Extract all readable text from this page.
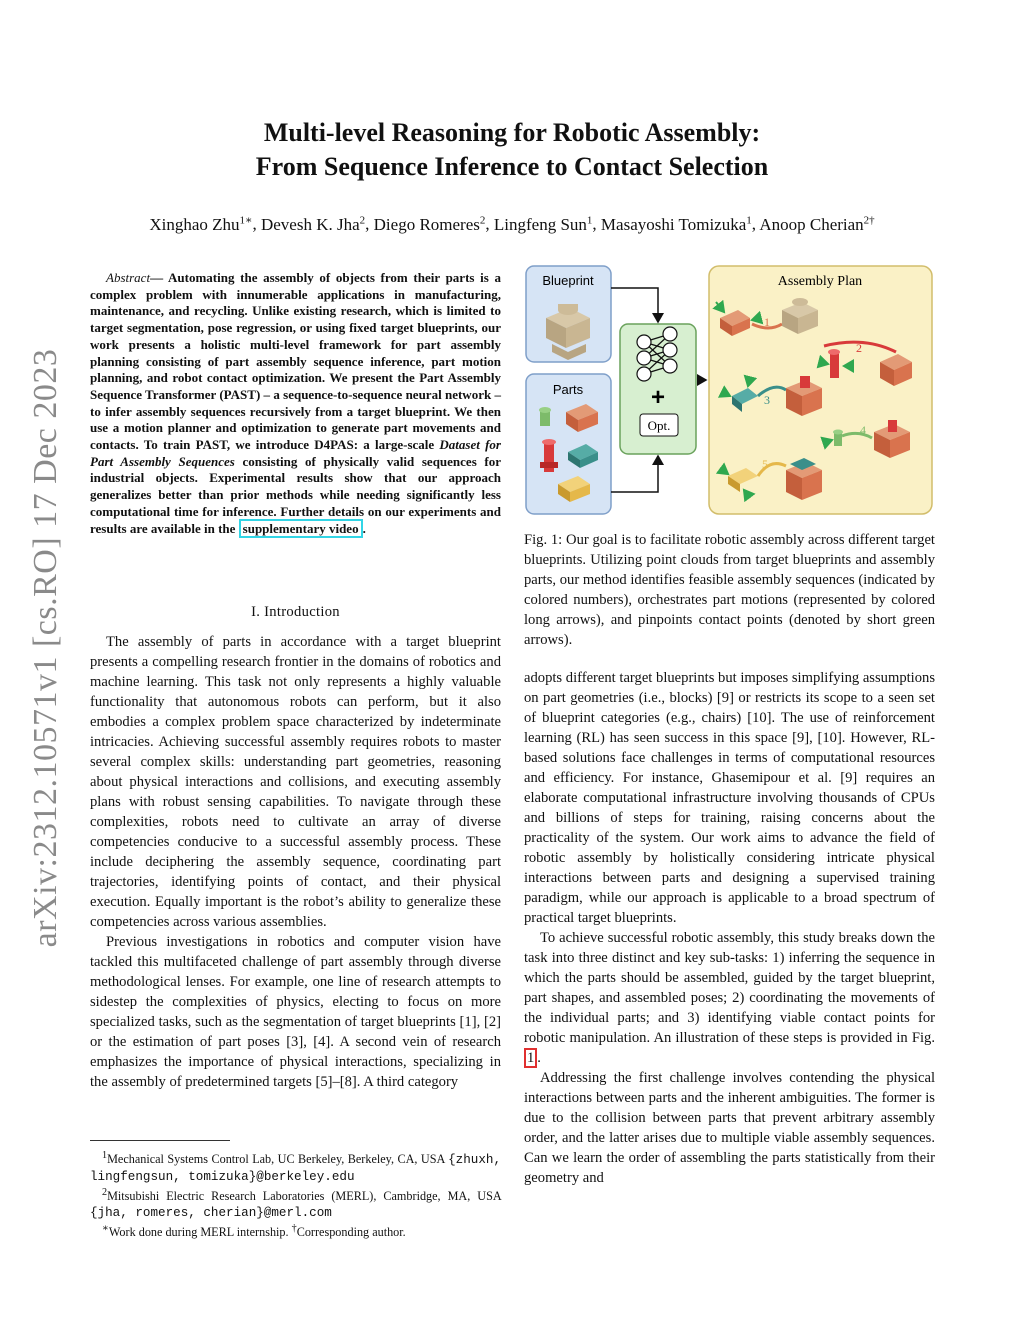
arXiv:2312.10571v1 [cs.RO] 17 Dec 2023
Multi-level Reasoning for Robotic Assembly:
From Sequence Inference to Contact Selection
Xinghao Zhu$^{1∗}$, Devesh K. Jha$^2$, Diego Romeres$^2$, Lingfeng Sun$^1$, Masayoshi Tomizuka$^1$, Anoop Cherian$^{2\dagger}$
Abstract— Automating the assembly of objects from their parts is a complex problem with innumerable applications in manufacturing, maintenance, and recycling. Unlike existing research, which is limited to target segmentation, pose regression, or using fixed target blueprints, our work presents a holistic multi-level framework for part assembly planning consisting of part assembly sequence inference, part motion planning, and robot contact optimization. We present the Part Assembly Sequence Transformer (PAST) – a sequence-to-sequence neural network – to infer assembly sequences recursively from a target blueprint. We then use a motion planner and optimization to generate part movements and contacts. To train PAST, we introduce D4PAS: a large-scale Dataset for Part Assembly Sequences consisting of physically valid sequences for industrial objects. Experimental results show that our approach generalizes better than prior methods while needing significantly less computational time for inference. Further details on our experiments and results are available in the supplementary video .
I. Introduction

The assembly of parts in accordance with a target blueprint presents a compelling research frontier in the domains of robotics and machine learning. This task not only represents a highly valuable functionality that autonomous robots can perform, but it also embodies a complex problem space characterized by indeterminate intricacies. Achieving successful assembly requires robots to master several complex skills: understanding part geometries, reasoning about physical interactions and collisions, and executing assembly plans with robust sensing capabilities. To navigate through these complexities, robots need to cultivate an array of diverse competencies conducive to a successful assembly process. These include deciphering the assembly sequence, coordinating part trajectories, identifying points of contact, and their physical execution. Equally important is the robot’s ability to generalize these competencies across various assemblies.

Previous investigations in robotics and computer vision have tackled this multifaceted challenge of part assembly through diverse methodological lenses. For example, one line of research attempts to sidestep the complexities of physics, electing to focus on more specialized tasks, such as the segmentation of target blueprints [1], [2] or the estimation of part poses [3], [4]. A second vein of research emphasizes the importance of physical interactions, specializing in the assembly of predetermined targets [5]–[8]. A third category

$^1$Mechanical Systems Control Lab, UC Berkeley, Berkeley, CA, USA {zhuxh, lingfengsun, tomizuka}@berkeley.edu
$^2$Mitsubishi Electric Research Laboratories (MERL), Cambridge, MA, USA {jha, romeres, cherian}@merl.com
∗Work done during MERL internship. †Corresponding author.
Blueprint
Parts	+
Opt.
Assembly Plan
1
2
3
4
5
Fig. 1: Our goal is to facilitate robotic assembly across different target blueprints. Utilizing point clouds from target blueprints and assembly parts, our method identifies feasible assembly sequences (indicated by colored numbers), orchestrates part motions (represented by colored long arrows), and pinpoints contact points (denoted by short green arrows).

adopts different target blueprints but imposes simplifying assumptions on part geometries (i.e., blocks) [9] or restricts its scope to a seen set of blueprint categories (e.g., chairs) [10]. The use of reinforcement learning (RL) has seen success in this space [9], [10]. However, RL-based solutions face challenges in terms of computational resources and efficiency. For instance, Ghasemipour et al. [9] requires an elaborate computational infrastructure involving thousands of CPUs and billions of steps for training, raising concerns about the practicality of the system. Our work aims to advance the field of robotic assembly by holistically considering intricate physical interactions between parts and designing a supervised training paradigm, while our approach is applicable to a broad spectrum of practical target blueprints.

To achieve successful robotic assembly, this study breaks down the task into three distinct and key sub-tasks: 1) inferring the sequence in which the parts should be assembled, guided by the target blueprint, part shapes, and assembled poses; 2) coordinating the movements of the individual parts; and 3) identifying viable contact points for robotic manipulation. An illustration of these steps is provided in Fig. 1 .

Addressing the first challenge involves contending the physical interactions between parts and the inherent ambiguities. The former is due to the collision between parts that prevent arbitrary assembly order, and the latter arises due to multiple viable assembly sequences. Can we learn the order of assembling the parts statistically from their geometry and
